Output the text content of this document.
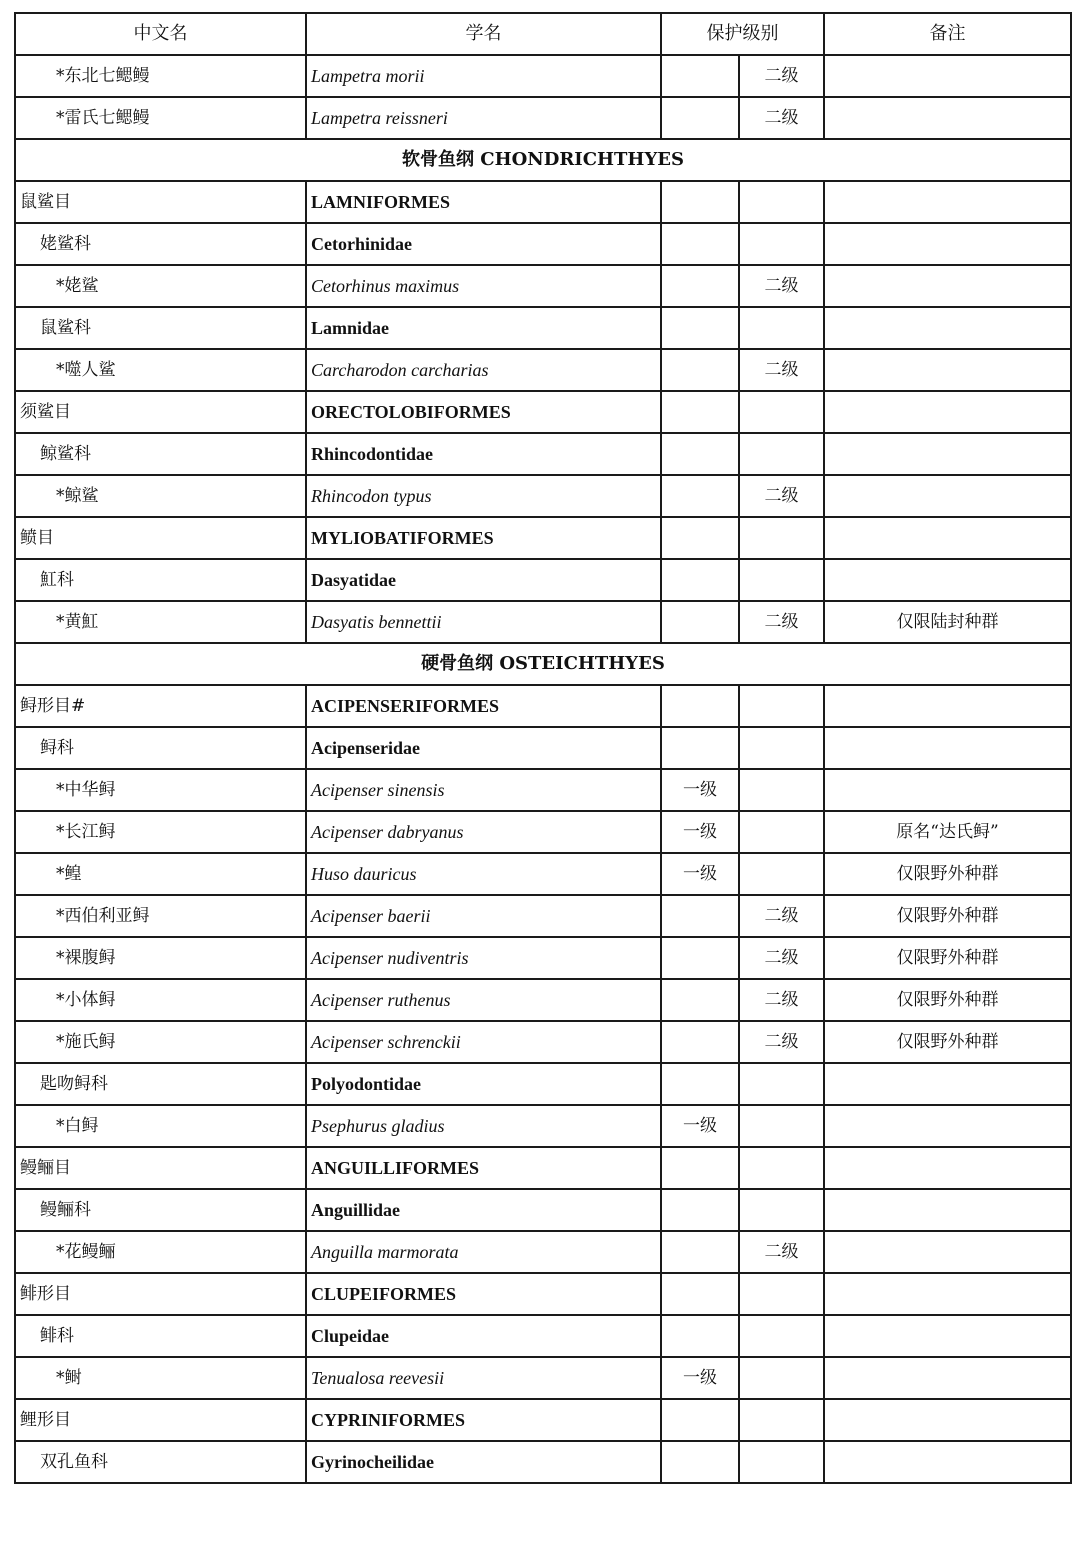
中文名	学名	保护级别		备注
*东北七鳃鳗	Lampetra morii		二级	
*雷氏七鳃鳗	Lampetra reissneri		二级	
软骨鱼纲 CHONDRICHTHYES				
鼠鲨目	LAMNIFORMES			
姥鲨科	Cetorhinidae			
*姥鲨	Cetorhinus maximus		二级	
鼠鲨科	Lamnidae			
*噬人鲨	Carcharodon carcharias		二级	
须鲨目	ORECTOLOBIFORMES			
鲸鲨科	Rhincodontidae			
*鲸鲨	Rhincodon typus		二级	
鲼目	MYLIOBATIFORMES			
魟科	Dasyatidae			
*黄魟	Dasyatis bennettii		二级	仅限陆封种群
硬骨鱼纲 OSTEICHTHYES				
鲟形目#	ACIPENSERIFORMES			
鲟科	Acipenseridae			
*中华鲟	Acipenser sinensis	一级		
*长江鲟	Acipenser dabryanus	一级		原名“达氏鲟”
*鳇	Huso dauricus	一级		仅限野外种群
*西伯利亚鲟	Acipenser baerii		二级	仅限野外种群
*裸腹鲟	Acipenser nudiventris		二级	仅限野外种群
*小体鲟	Acipenser ruthenus		二级	仅限野外种群
*施氏鲟	Acipenser schrenckii		二级	仅限野外种群
匙吻鲟科	Polyodontidae			
*白鲟	Psephurus gladius	一级		
鳗鲡目	ANGUILLIFORMES			
鳗鲡科	Anguillidae			
*花鳗鲡	Anguilla marmorata		二级	
鲱形目	CLUPEIFORMES			
鲱科	Clupeidae			
*鲥	Tenualosa reevesii	一级		
鲤形目	CYPRINIFORMES			
双孔鱼科	Gyrinocheilidae			
